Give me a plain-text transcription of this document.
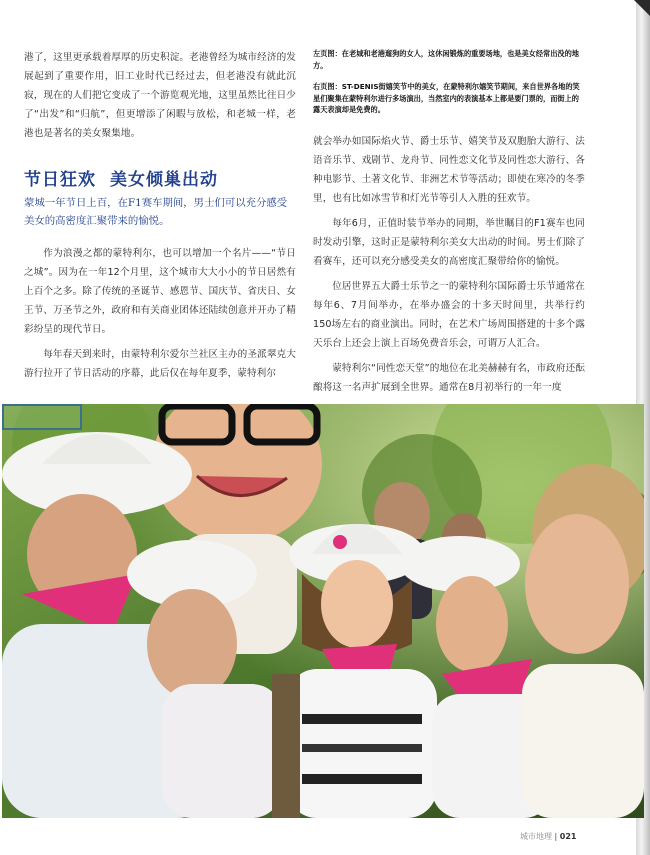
港了，这里更承载着厚厚的历史积淀。老港曾经为城市经济的发展起到了重要作用，旧工业时代已经过去，但老港没有就此沉寂，现在的人们把它变成了一个游览观光地，这里虽然比往日少了“出发”和“归航”，但更增添了闲暇与放松，和老城一样，老港也是著名的美女聚集地。

节日狂欢 美女倾巢出动

蒙城一年节日上百，在F1赛车期间，男士们可以充分感受美女的高密度汇聚带来的愉悦。

作为浪漫之都的蒙特利尔，也可以增加一个名片——“节日之城”。因为在一年12个月里，这个城市大大小小的节日居然有上百个之多。除了传统的圣诞节、感恩节、国庆节、省庆日、女王节、万圣节之外，政府和有关商业团体还陆续创意并开办了精彩纷呈的现代节日。

每年春天到来时，由蒙特利尔爱尔兰社区主办的圣派翠克大游行拉开了节日活动的序幕，此后仅在每年夏季，蒙特利尔

左页图：在老城和老港遛狗的女人，这休闲锻炼的重要场地，也是美女经常出没的地方。

右页图：ST-DENIS街嬉笑节中的美女，在蒙特利尔嬉笑节期间，来自世界各地的笑星们聚集在蒙特利尔进行多场演出，当然室内的表演基本上都是要门票的，而街上的露天表演却是免费的。

就会举办如国际焰火节、爵士乐节、嬉笑节及双胞胎大游行、法语音乐节、戏剧节、龙舟节、同性恋文化节及同性恋大游行、各种电影节、土著文化节、非洲艺术节等活动；即使在寒冷的冬季里，也有比如冰雪节和灯光节等引人入胜的狂欢节。

每年6月，正值时装节举办的同期，举世瞩目的F1赛车也同时发动引擎，这时正是蒙特利尔美女大出动的时间。男士们除了看赛车，还可以充分感受美女的高密度汇聚带给你的愉悦。

位居世界五大爵士乐节之一的蒙特利尔国际爵士乐节通常在每年6、7月间举办，在举办盛会的十多天时间里，共举行约150场左右的商业演出。同时，在艺术广场周围搭建的十多个露天乐台上还会上演上百场免费音乐会，可谓万人汇合。

蒙特利尔“同性恋天堂”的地位在北美赫赫有名，市政府还酝酿将这一名声扩展到全世界。通常在8月初举行的一年一度

城市地理 | 021
